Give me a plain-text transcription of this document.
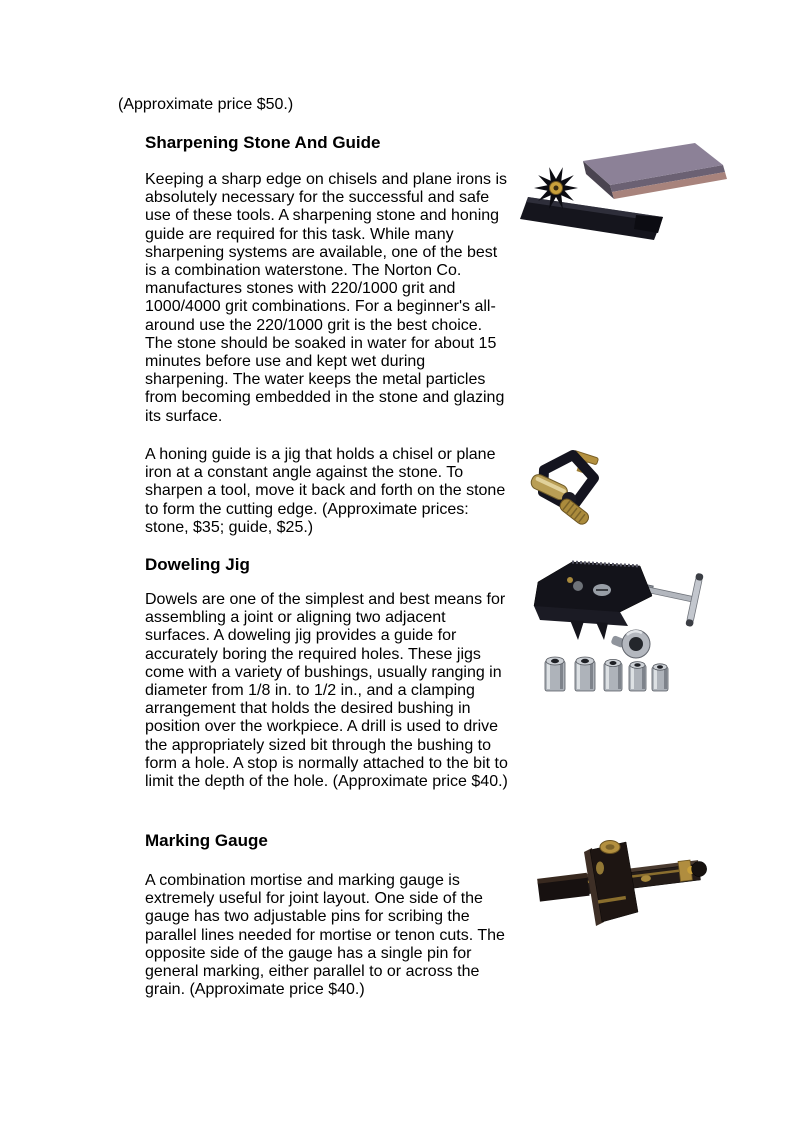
(Approximate price $50.)
Sharpening Stone And Guide

Keeping a sharp edge on chisels and plane irons is absolutely necessary for the successful and safe use of these tools. A sharpening stone and honing guide are required for this task. While many sharpening systems are available, one of the best is a combination waterstone. The Norton Co. manufactures stones with 220/1000 grit and 1000/4000 grit combinations. For a beginner's all-around use the 220/1000 grit is the best choice. The stone should be soaked in water for about 15 minutes before use and kept wet during sharpening. The water keeps the metal particles from becoming embedded in the stone and glazing its surface.

A honing guide is a jig that holds a chisel or plane iron at a constant angle against the stone. To sharpen a tool, move it back and forth on the stone to form the cutting edge. (Approximate prices: stone, $35; guide, $25.)

Doweling Jig

Dowels are one of the simplest and best means for assembling a joint or aligning two adjacent surfaces. A doweling jig provides a guide for accurately boring the required holes. These jigs come with a variety of bushings, usually ranging in diameter from 1/8 in. to 1/2 in., and a clamping arrangement that holds the desired bushing in position over the workpiece. A drill is used to drive the appropriately sized bit through the bushing to form a hole. A stop is normally attached to the bit to limit the depth of the hole. (Approximate price $40.)

Marking Gauge

A combination mortise and marking gauge is extremely useful for joint layout. One side of the gauge has two adjustable pins for scribing the parallel lines needed for mortise or tenon cuts. The opposite side of the gauge has a single pin for general marking, either parallel to or across the grain. (Approximate price $40.)
